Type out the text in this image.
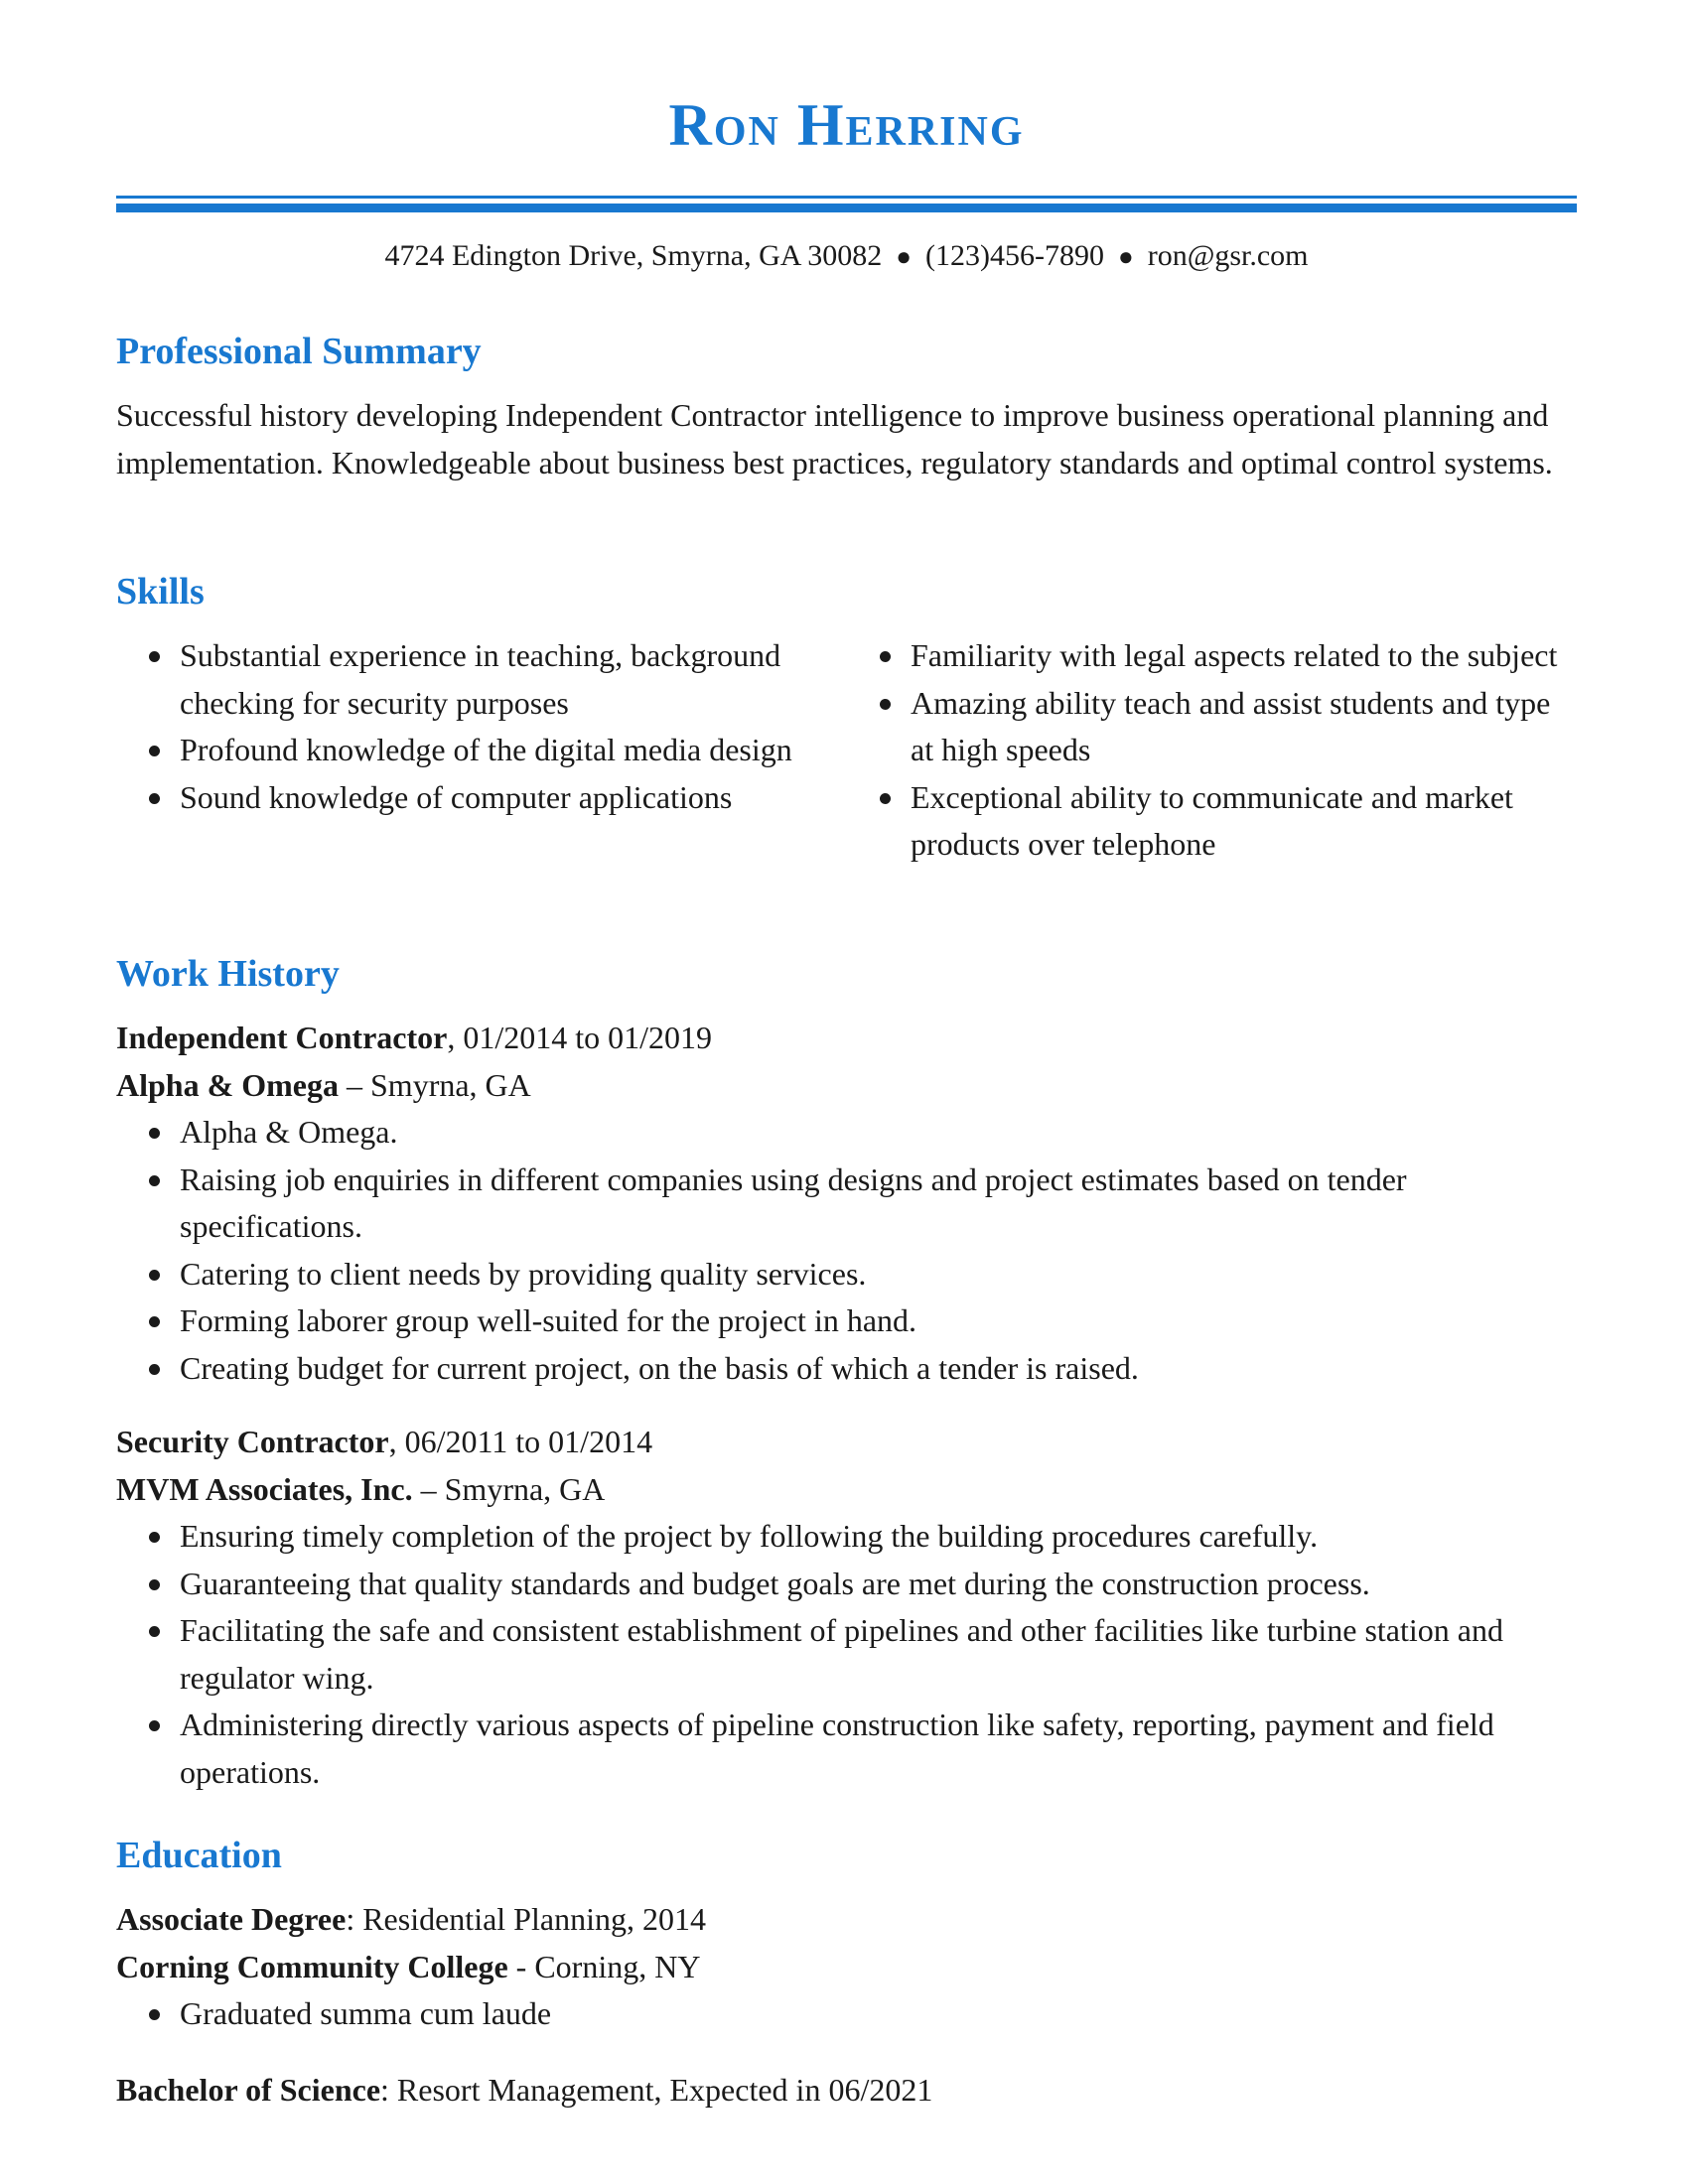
Ron Herring
4724 Edington Drive, Smyrna, GA 30082 ● (123)456-7890 ● ron@gsr.com
Professional Summary
Successful history developing Independent Contractor intelligence to improve business operational planning and implementation. Knowledgeable about business best practices, regulatory standards and optimal control systems.
Skills
Substantial experience in teaching, background checking for security purposes
Profound knowledge of the digital media design
Sound knowledge of computer applications
Familiarity with legal aspects related to the subject
Amazing ability teach and assist students and type at high speeds
Exceptional ability to communicate and market products over telephone
Work History
Independent Contractor, 01/2014 to 01/2019
Alpha & Omega – Smyrna, GA
Alpha & Omega.
Raising job enquiries in different companies using designs and project estimates based on tender specifications.
Catering to client needs by providing quality services.
Forming laborer group well-suited for the project in hand.
Creating budget for current project, on the basis of which a tender is raised.
Security Contractor, 06/2011 to 01/2014
MVM Associates, Inc. – Smyrna, GA
Ensuring timely completion of the project by following the building procedures carefully.
Guaranteeing that quality standards and budget goals are met during the construction process.
Facilitating the safe and consistent establishment of pipelines and other facilities like turbine station and regulator wing.
Administering directly various aspects of pipeline construction like safety, reporting, payment and field operations.
Education
Associate Degree: Residential Planning, 2014
Corning Community College - Corning, NY
Graduated summa cum laude
Bachelor of Science: Resort Management, Expected in 06/2021
